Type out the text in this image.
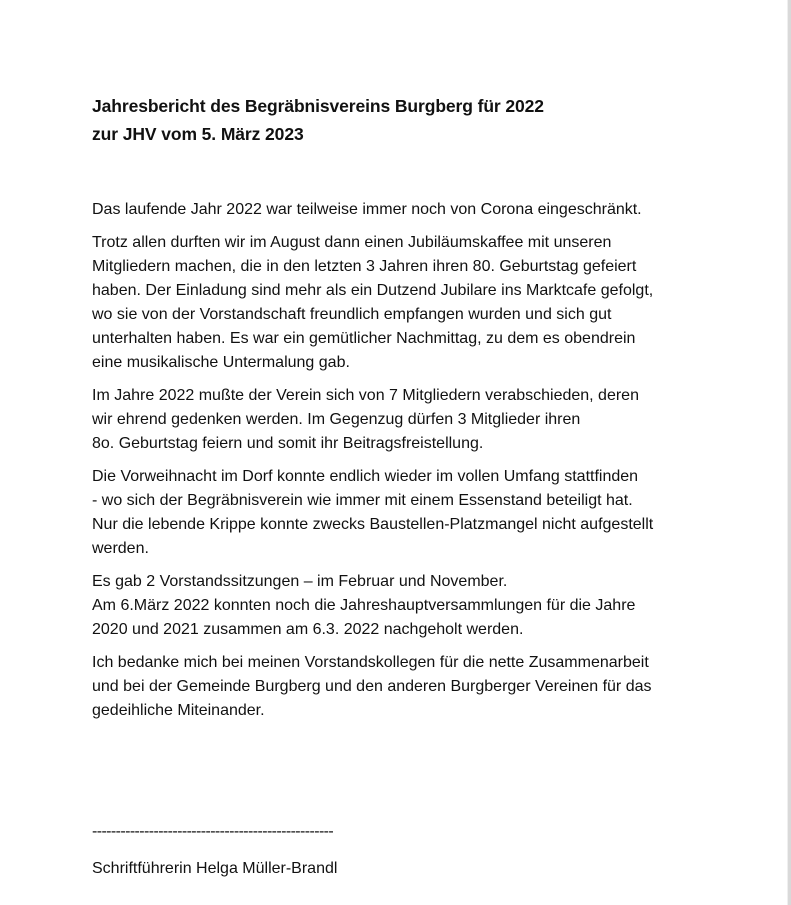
Jahresbericht des Begräbnisvereins Burgberg für 2022
zur JHV vom 5. März 2023

Das laufende Jahr 2022 war teilweise immer noch von Corona eingeschränkt.

Trotz allen durften wir im August dann einen Jubiläumskaffee mit unseren
Mitgliedern machen, die in den letzten 3 Jahren ihren 80. Geburtstag gefeiert
haben. Der Einladung sind mehr als ein Dutzend Jubilare ins Marktcafe gefolgt,
wo sie von der Vorstandschaft freundlich empfangen wurden und sich gut
unterhalten haben. Es war ein gemütlicher Nachmittag, zu dem es obendrein
eine musikalische Untermalung gab.

Im Jahre 2022 mußte der Verein sich von 7 Mitgliedern verabschieden, deren
wir ehrend gedenken werden. Im Gegenzug dürfen 3 Mitglieder ihren
8o. Geburtstag feiern und somit ihr Beitragsfreistellung.

Die Vorweihnacht im Dorf konnte endlich wieder im vollen Umfang stattfinden
- wo sich der Begräbnisverein wie immer mit einem Essenstand beteiligt hat.
Nur die lebende Krippe konnte zwecks Baustellen-Platzmangel nicht aufgestellt
werden.

Es gab 2 Vorstandssitzungen – im Februar und November.
Am 6.März 2022 konnten noch die Jahreshauptversammlungen für die Jahre
2020 und 2021 zusammen am 6.3. 2022 nachgeholt werden.

Ich bedanke mich bei meinen Vorstandskollegen für die nette Zusammenarbeit
und bei der Gemeinde Burgberg und den anderen Burgberger Vereinen für das
gedeihliche Miteinander.

---------------------------------------------------
Schriftführerin Helga Müller-Brandl
